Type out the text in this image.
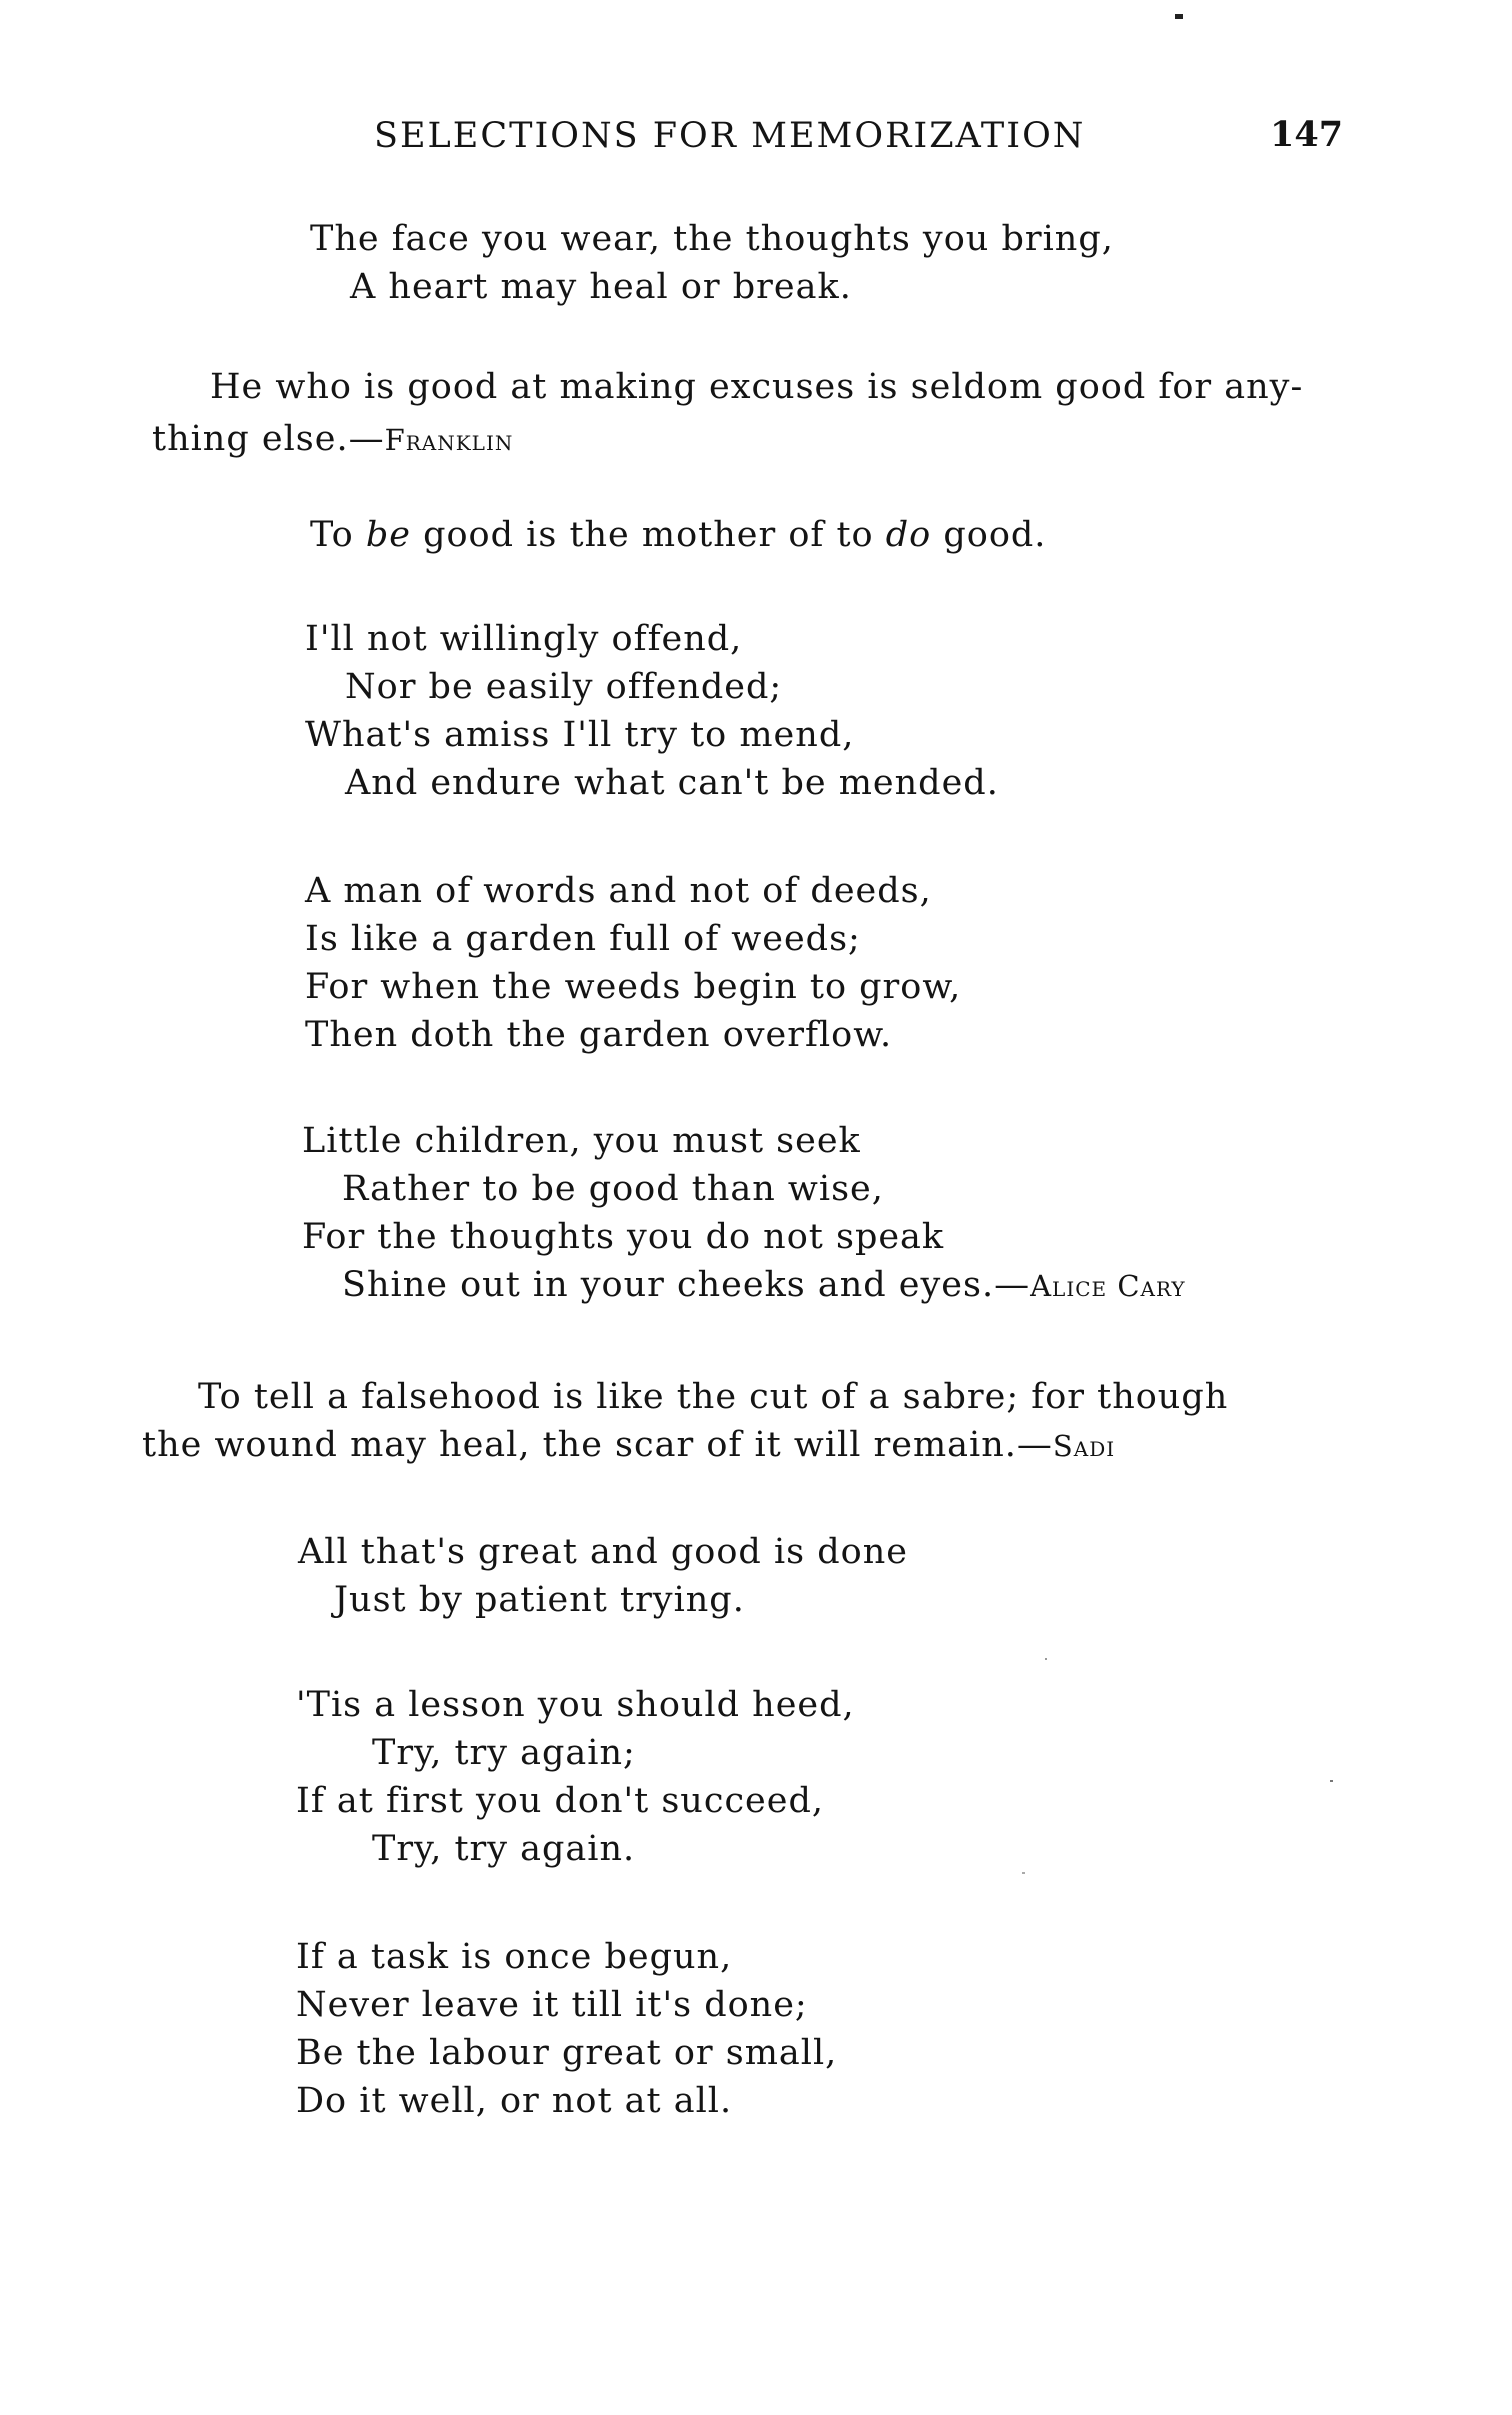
SELECTIONS FOR MEMORIZATION	147
The face you wear, the thoughts you bring,
A heart may heal or break.
He who is good at making excuses is seldom good for any-
thing else.—Franklin
To be good is the mother of to do good.
I'll not willingly offend,
Nor be easily offended;
What's amiss I'll try to mend,
And endure what can't be mended.
A man of words and not of deeds,
Is like a garden full of weeds;
For when the weeds begin to grow,
Then doth the garden overflow.
Little children, you must seek
Rather to be good than wise,
For the thoughts you do not speak
Shine out in your cheeks and eyes.—Alice Cary
To tell a falsehood is like the cut of a sabre; for though
the wound may heal, the scar of it will remain.—Sadi
All that's great and good is done
Just by patient trying.
'Tis a lesson you should heed,
Try, try again;
If at first you don't succeed,
Try, try again.
If a task is once begun,
Never leave it till it's done;
Be the labour great or small,
Do it well, or not at all.
